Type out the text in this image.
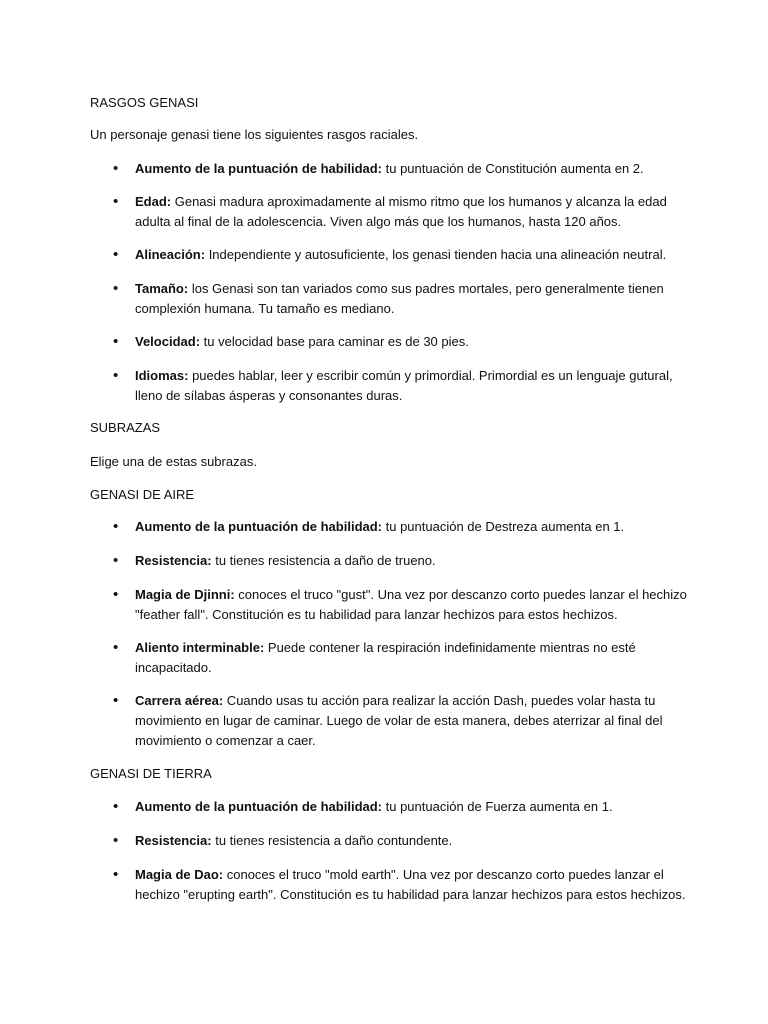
RASGOS GENASI
Un personaje genasi tiene los siguientes rasgos raciales.
• Aumento de la puntuación de habilidad: tu puntuación de Constitución aumenta en 2.
• Edad: Genasi madura aproximadamente al mismo ritmo que los humanos y alcanza la edad
adulta al final de la adolescencia. Viven algo más que los humanos, hasta 120 años.
• Alineación: Independiente y autosuficiente, los genasi tienden hacia una alineación neutral.
• Tamaño: los Genasi son tan variados como sus padres mortales, pero generalmente tienen
complexión humana. Tu tamaño es mediano.
• Velocidad: tu velocidad base para caminar es de 30 pies.
• Idiomas: puedes hablar, leer y escribir común y primordial. Primordial es un lenguaje gutural,
lleno de sílabas ásperas y consonantes duras.
SUBRAZAS
Elige una de estas subrazas.
GENASI DE AIRE
• Aumento de la puntuación de habilidad: tu puntuación de Destreza aumenta en 1.
• Resistencia: tu tienes resistencia a daño de trueno.
• Magia de Djinni: conoces el truco "gust". Una vez por descanzo corto puedes lanzar el hechizo
"feather fall". Constitución es tu habilidad para lanzar hechizos para estos hechizos.
• Aliento interminable: Puede contener la respiración indefinidamente mientras no esté
incapacitado.
• Carrera aérea: Cuando usas tu acción para realizar la acción Dash, puedes volar hasta tu
movimiento en lugar de caminar. Luego de volar de esta manera, debes aterrizar al final del
movimiento o comenzar a caer.
GENASI DE TIERRA
• Aumento de la puntuación de habilidad: tu puntuación de Fuerza aumenta en 1.
• Resistencia: tu tienes resistencia a daño contundente.
• Magia de Dao: conoces el truco "mold earth". Una vez por descanzo corto puedes lanzar el
hechizo "erupting earth". Constitución es tu habilidad para lanzar hechizos para estos hechizos.
